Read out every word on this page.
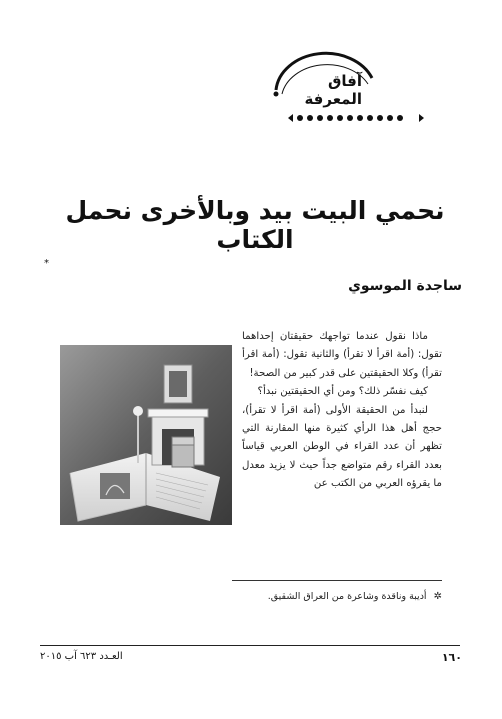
آفاق المعرفة
نحمي البيت بيد وبالأخرى نحمل الكتاب
*
ساجدة الموسوي

ماذا نقول عندما تواجهك حقيقتان إحداهما تقول: (أمة اقرأ لا تقرأ) والثانية تقول: (أمة اقرأ تقرأ) وكلا الحقيقتين على قدر كبير من الصحة!

كيف نفسّر ذلك؟ ومن أي الحقيقتين نبدأ؟

لنبدأ من الحقيقة الأولى (أمة اقرأ لا تقرأ)، حجج أهل هذا الرأي كثيرة منها المقارنة التي تظهر أن عدد القراء في الوطن العربي قياساً بعدد القراء رقم متواضع جداً حيث لا يزيد معدل ما يقرؤه العربي من الكتب عن

✲ أديبة وناقدة وشاعرة من العراق الشقيق.
١٦٠
العـدد ٦٢٣ آب ٢٠١٥
